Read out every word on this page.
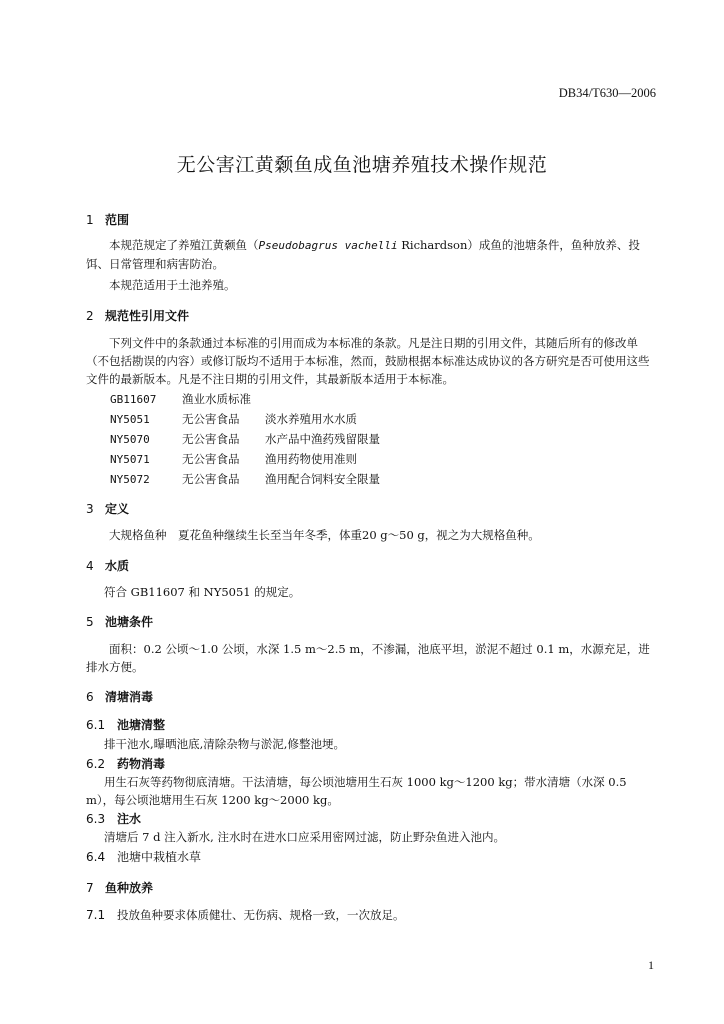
DB34/T630—2006
无公害江黄颡鱼成鱼池塘养殖技术操作规范
1 范围
本规范规定了养殖江黄颡鱼（Pseudobagrus vachelli Richardson）成鱼的池塘条件，鱼种放养、投饵、日常管理和病害防治。
本规范适用于土池养殖。
2 规范性引用文件
下列文件中的条款通过本标准的引用而成为本标准的条款。凡是注日期的引用文件，其随后所有的修改单（不包括勘误的内容）或修订版均不适用于本标准，然而，鼓励根据本标准达成协议的各方研究是否可使用这些文件的最新版本。凡是不注日期的引用文件，其最新版本适用于本标准。
GB11607 渔业水质标准
NY5051	无公害食品 淡水养殖用水水质
NY5070	无公害食品 水产品中渔药残留限量
NY5071	无公害食品 渔用药物使用准则
NY5072	无公害食品 渔用配合饲料安全限量
3 定义
大规格鱼种　夏花鱼种继续生长至当年冬季，体重20 g～50 g，视之为大规格鱼种。
4 水质
符合 GB11607 和 NY5051 的规定。
5 池塘条件
面积：0.2 公顷～1.0 公顷，水深 1.5 m～2.5 m，不渗漏，池底平坦，淤泥不超过 0.1 m，水源充足，进排水方便。
6 清塘消毒
6.1 池塘清整
排干池水,曝晒池底,清除杂物与淤泥,修整池埂。
6.2 药物消毒
用生石灰等药物彻底清塘。干法清塘，每公顷池塘用生石灰 1000 kg～1200 kg；带水清塘（水深 0.5 m），每公顷池塘用生石灰 1200 kg～2000 kg。
6.3 注水
清塘后 7 d 注入新水, 注水时在进水口应采用密网过滤，防止野杂鱼进入池内。
6.4 池塘中栽植水草
7 鱼种放养
7.1 投放鱼种要求体质健壮、无伤病、规格一致，一次放足。
1
